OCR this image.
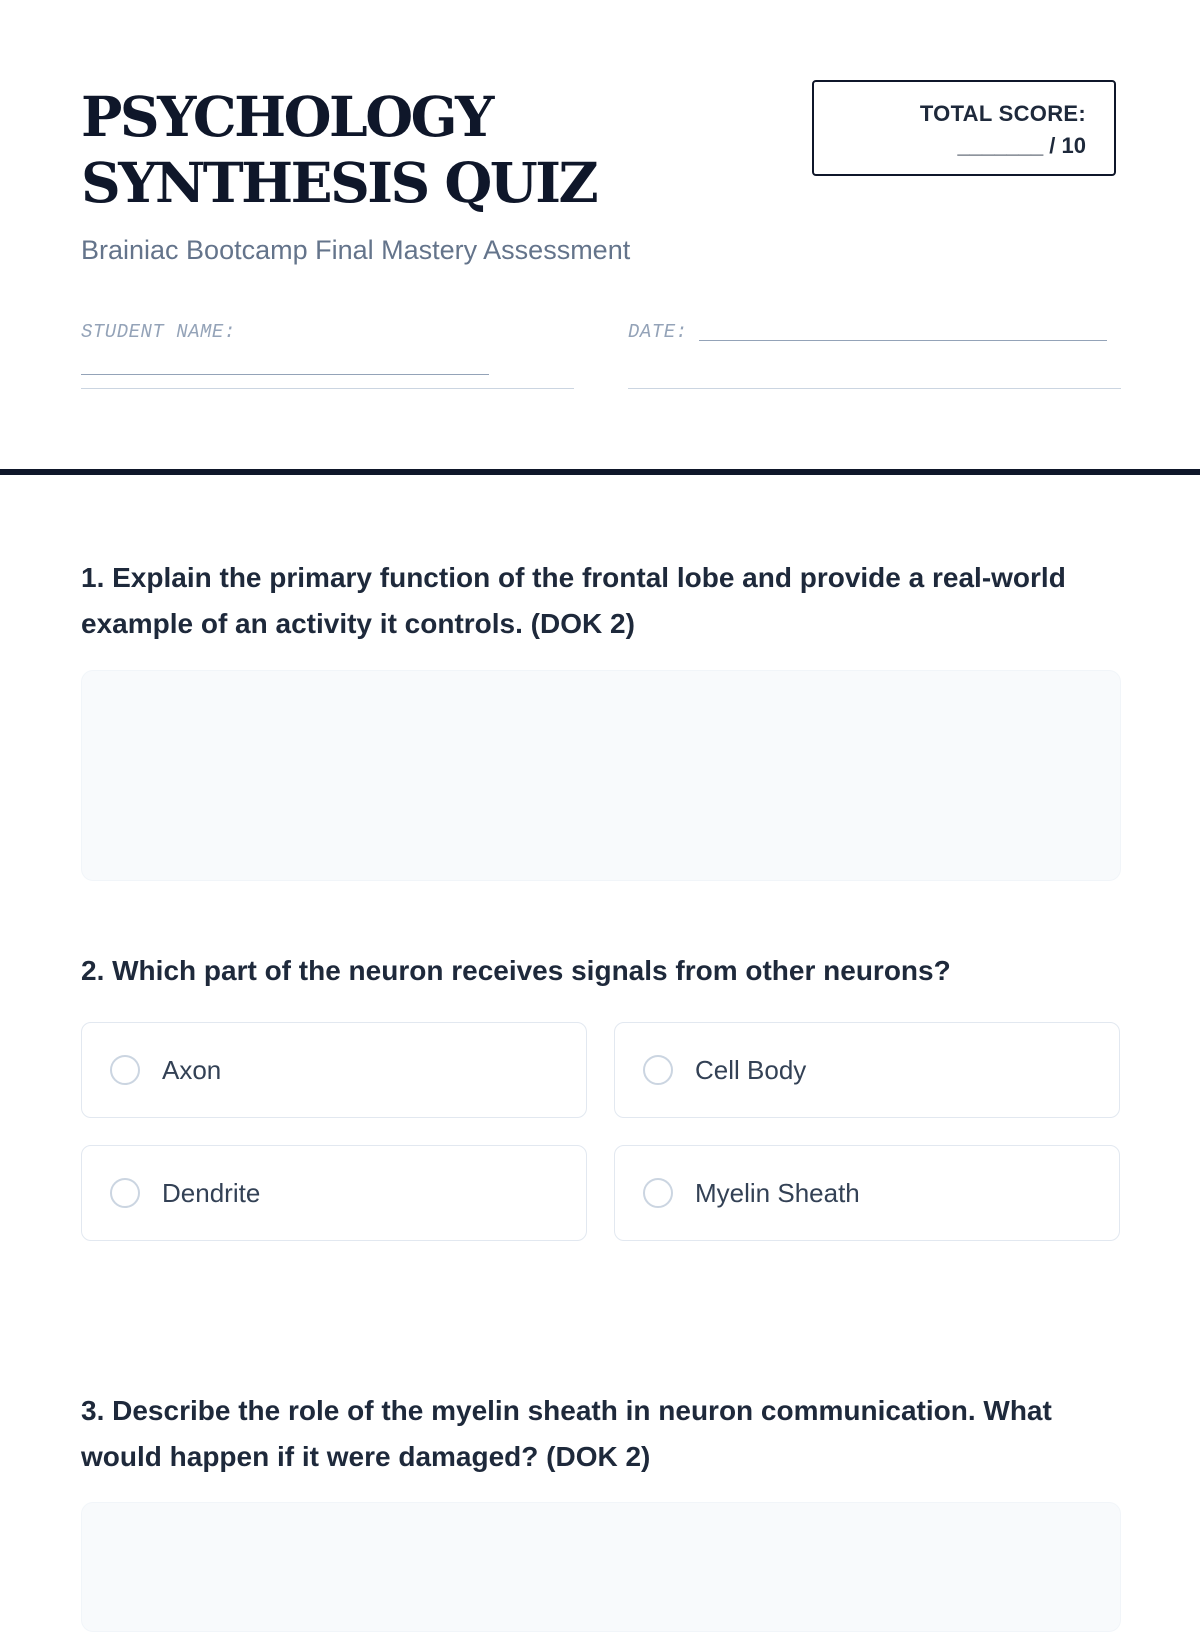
PSYCHOLOGY SYNTHESIS QUIZ
TOTAL SCORE:
_______ / 10
Brainiac Bootcamp Final Mastery Assessment
STUDENT NAME:	DATE:

1. Explain the primary function of the frontal lobe and provide a real-world example of an activity it controls. (DOK 2)

2. Which part of the neuron receives signals from other neurons?

Axon	Cell Body
Dendrite	Myelin Sheath

3. Describe the role of the myelin sheath in neuron communication. What would happen if it were damaged? (DOK 2)
